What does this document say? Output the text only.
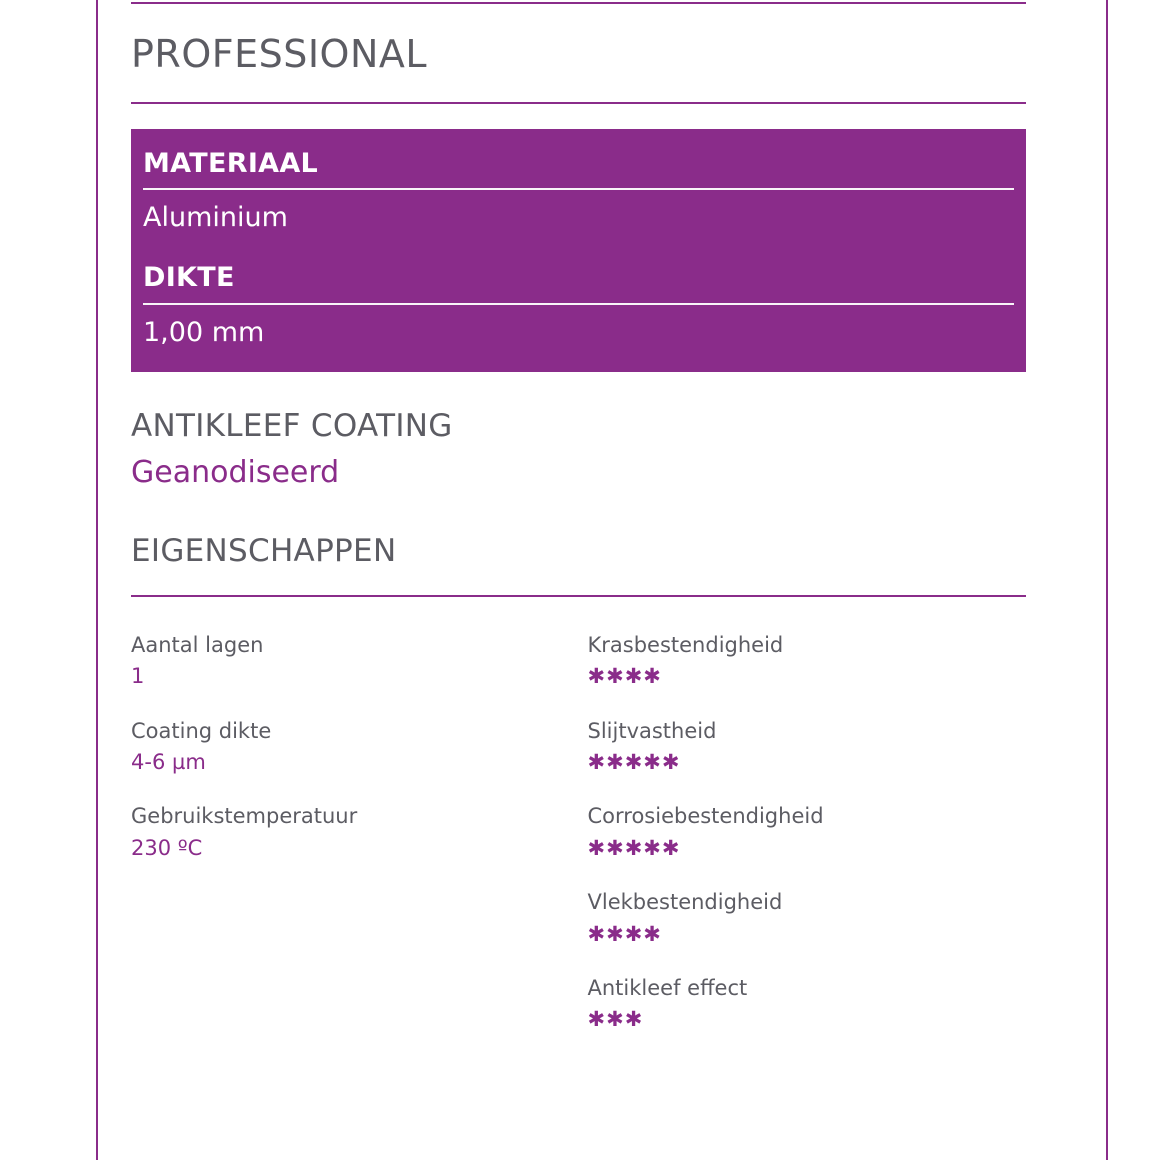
PROFESSIONAL
MATERIAAL
Aluminium
DIKTE
1,00 mm
ANTIKLEEF COATING
Geanodiseerd
EIGENSCHAPPEN
Aantal lagen
1
Coating dikte
4-6 µm
Gebruikstemperatuur
230 ºC
Krasbestendigheid
✱✱✱✱
Slijtvastheid
✱✱✱✱✱
Corrosiebestendigheid
✱✱✱✱✱
Vlekbestendigheid
✱✱✱✱
Antikleef effect
✱✱✱
